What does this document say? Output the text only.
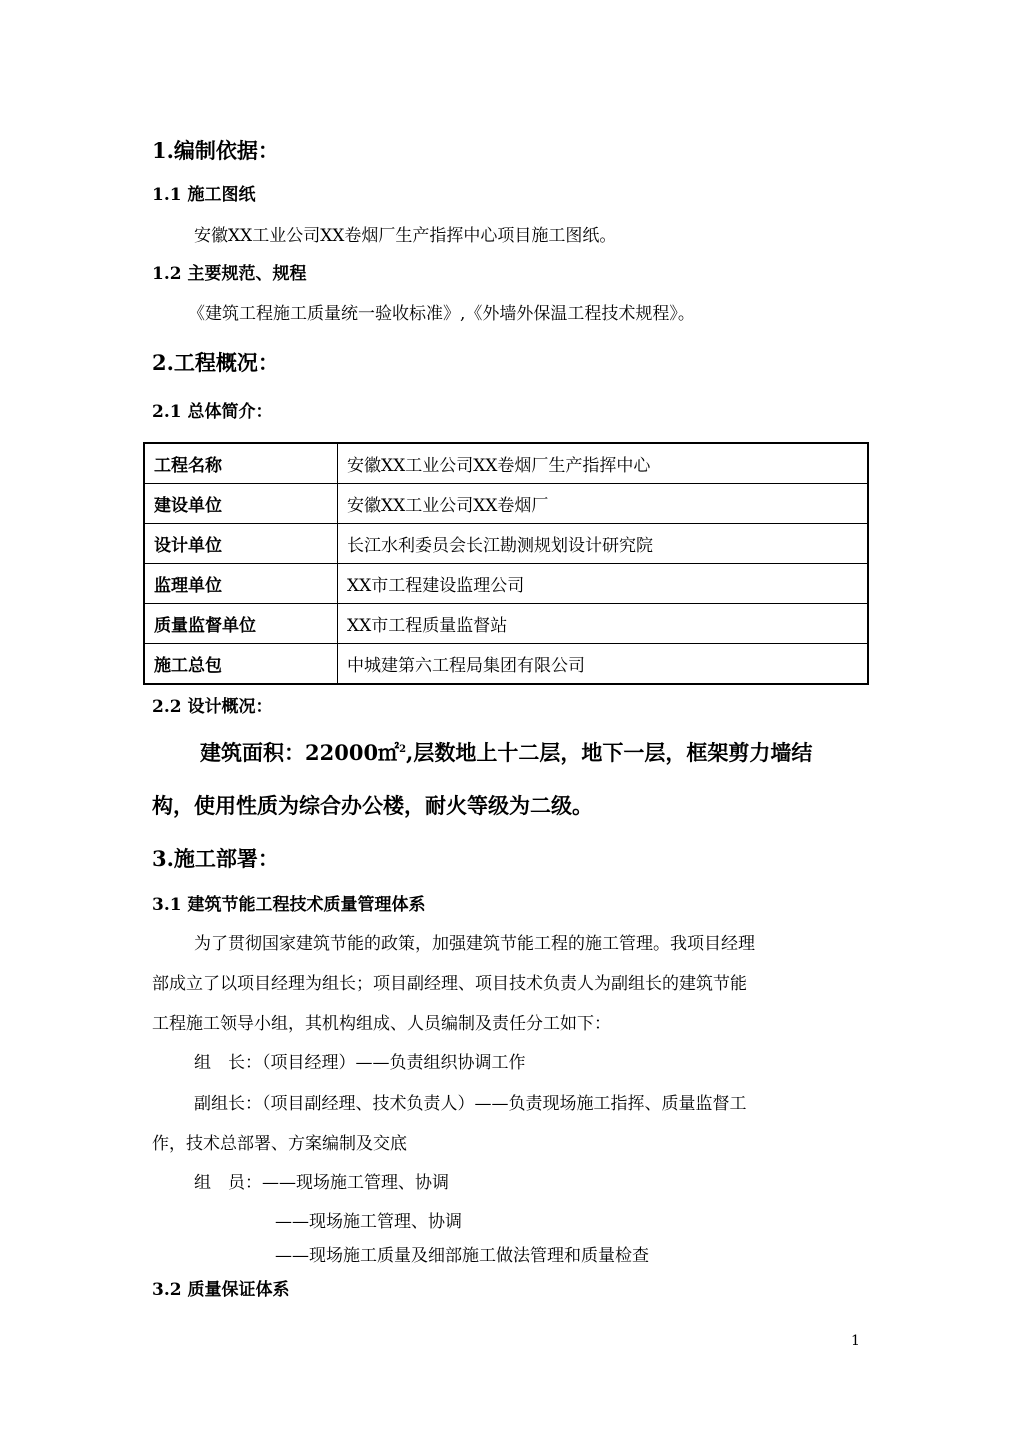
1.编制依据：
1.1 施工图纸
安徽XX工业公司XX卷烟厂生产指挥中心项目施工图纸。
1.2 主要规范、规程
《建筑工程施工质量统一验收标准》,《外墙外保温工程技术规程》。
2.工程概况：
2.1 总体简介：
工程名称	安徽XX工业公司XX卷烟厂生产指挥中心
建设单位	安徽XX工业公司XX卷烟厂
设计单位	长江水利委员会长江勘测规划设计研究院
监理单位	XX市工程建设监理公司
质量监督单位	XX市工程质量监督站
施工总包	中城建第六工程局集团有限公司
2.2 设计概况：
建筑面积：22000㎡$^2$,层数地上十二层，地下一层，框架剪力墙结
构，使用性质为综合办公楼，耐火等级为二级。
3.施工部署：
3.1 建筑节能工程技术质量管理体系
为了贯彻国家建筑节能的政策，加强建筑节能工程的施工管理。我项目经理
部成立了以项目经理为组长；项目副经理、项目技术负责人为副组长的建筑节能
工程施工领导小组，其机构组成、人员编制及责任分工如下：
组　长：（项目经理）——负责组织协调工作
副组长：（项目副经理、技术负责人）——负责现场施工指挥、质量监督工
作，技术总部署、方案编制及交底
组　员：——现场施工管理、协调
——现场施工管理、协调
——现场施工质量及细部施工做法管理和质量检查
3.2 质量保证体系
1
